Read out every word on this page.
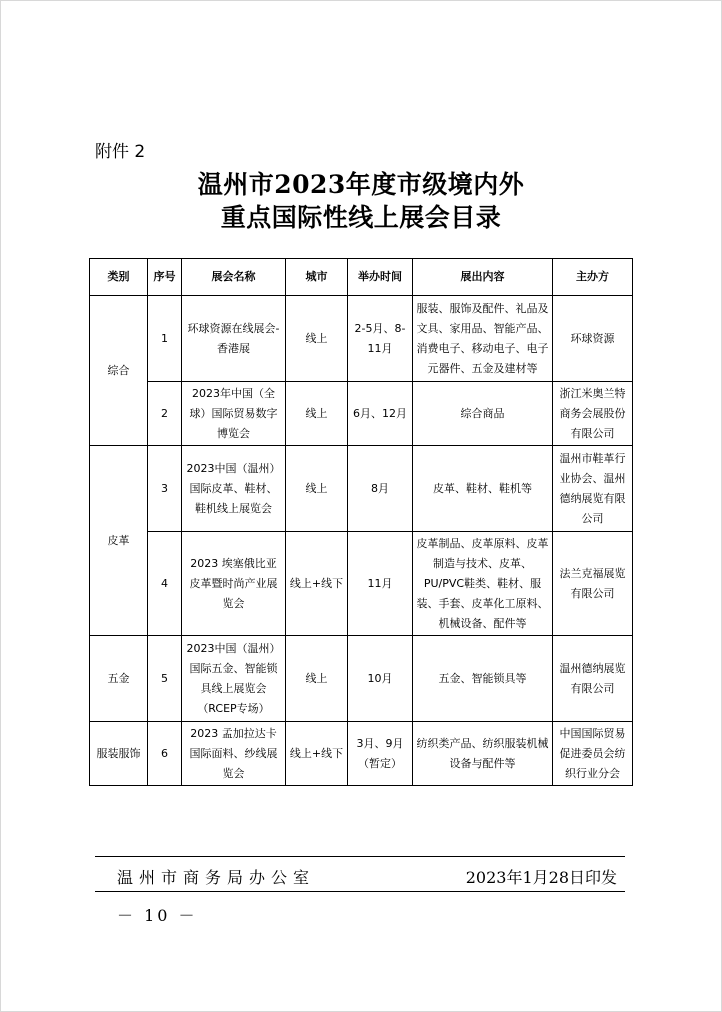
附件 2
温州市2023年度市级境内外
重点国际性线上展会目录
类别	序号	展会名称	城市	举办时间	展出内容	主办方
综合	1	环球资源在线展会-香港展	线上	2-5月、8-11月	服装、服饰及配件、礼品及文具、家用品、智能产品、消费电子、移动电子、电子元器件、五金及建材等	环球资源
	2	2023年中国（全球）国际贸易数字博览会	线上	6月、12月	综合商品	浙江米奥兰特商务会展股份有限公司
皮革	3	2023中国（温州）国际皮革、鞋材、鞋机线上展览会	线上	8月	皮革、鞋材、鞋机等	温州市鞋革行业协会、温州德纳展览有限公司
	4	2023 埃塞俄比亚皮革暨时尚产业展览会	线上+线下	11月	皮革制品、皮革原料、皮革制造与技术、皮革、PU/PVC鞋类、鞋材、服装、手套、皮革化工原料、机械设备、配件等	法兰克福展览有限公司
五金	5	2023中国（温州）国际五金、智能锁具线上展览会（RCEP专场）	线上	10月	五金、智能锁具等	温州德纳展览有限公司
服装服饰	6	2023 孟加拉达卡国际面料、纱线展览会	线上+线下	3月、9月（暂定）	纺织类产品、纺织服装机械设备与配件等	中国国际贸易促进委员会纺织行业分会
温州市商务局办公室	2023年1月28日印发
－ 10 －
